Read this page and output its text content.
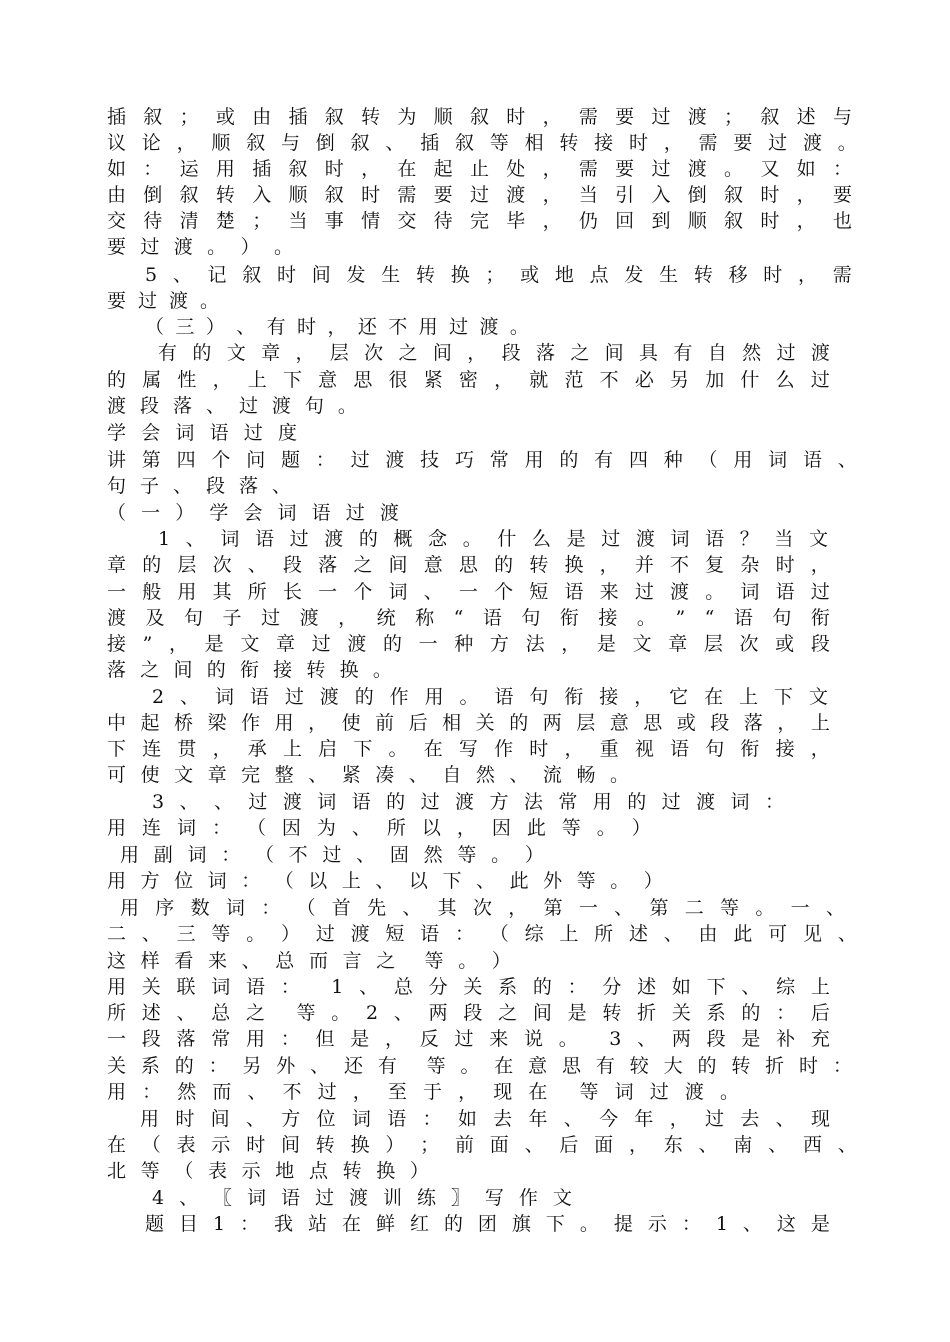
插 叙 ； 或 由 插 叙 转 为 顺 叙 时 ， 需 要 过 渡 ； 叙 述 与
议 论 ， 顺 叙 与 倒 叙 、 插 叙 等 相 转 接 时 ， 需 要 过 渡 。
如 ： 运 用 插 叙 时 ， 在 起 止 处 ， 需 要 过 渡 。 又 如 ：
由 倒 叙 转 入 顺 叙 时 需 要 过 渡 ， 当 引 入 倒 叙 时 ， 要
交 待 清 楚 ； 当 事 情 交 待 完 毕 ， 仍 回 到 顺 叙 时 ， 也
要 过 渡 。 ） 。
5 、 记 叙 时 间 发 生 转 换 ； 或 地 点 发 生 转 移 时 ， 需
要 过 渡 。
（ 三 ） 、 有 时 ， 还 不 用 过 渡 。
有 的 文 章 ， 层 次 之 间 ， 段 落 之 间 具 有 自 然 过 渡
的 属 性 ， 上 下 意 思 很 紧 密 ， 就 范 不 必 另 加 什 么 过
渡 段 落 、 过 渡 句 。
学 会 词 语 过 度
讲 第 四 个 问 题 ： 过 渡 技 巧 常 用 的 有 四 种 （ 用 词 语 、
句 子 、 段 落 、
（ 一 ） 学 会 词 语 过 渡
1 、 词 语 过 渡 的 概 念 。 什 么 是 过 渡 词 语 ？ 当 文
章 的 层 次 、 段 落 之 间 意 思 的 转 换 ， 并 不 复 杂 时 ，
一 般 用 其 所 长 一 个 词 、 一 个 短 语 来 过 渡 。 词 语 过
渡 及 句 子 过 渡 ， 统 称 “ 语 句 衔 接 。 ” “ 语 句 衔
接 ” ， 是 文 章 过 渡 的 一 种 方 法 ， 是 文 章 层 次 或 段
落 之 间 的 衔 接 转 换 。
2 、 词 语 过 渡 的 作 用 。 语 句 衔 接 ， 它 在 上 下 文
中 起 桥 梁 作 用 ， 使 前 后 相 关 的 两 层 意 思 或 段 落 ， 上
下 连 贯 ， 承 上 启 下 。 在 写 作 时 ， 重 视 语 句 衔 接 ，
可 使 文 章 完 整 、 紧 凑 、 自 然 、 流 畅 。
3 、 、 过 渡 词 语 的 过 渡 方 法 常 用 的 过 渡 词 ：
用 连 词 ： （ 因 为 、 所 以 ， 因 此 等 。 ）
用 副 词 ： （ 不 过 、 固 然 等 。 ）
用 方 位 词 ： （ 以 上 、 以 下 、 此 外 等 。 ）
用 序 数 词 ： （ 首 先 、 其 次 ， 第 一 、 第 二 等 。 一 、
二 、 三 等 。 ） 过 渡 短 语 ： （ 综 上 所 述 、 由 此 可 见 、
这 样 看 来 、 总 而 言 之 等 。 ）
用 关 联 词 语 ： 1 、 总 分 关 系 的 ： 分 述 如 下 、 综 上
所 述 、 总 之 等 。 2 、 两 段 之 间 是 转 折 关 系 的 ： 后
一 段 落 常 用 ： 但 是 ， 反 过 来 说 。 3 、 两 段 是 补 充
关 系 的 ： 另 外 、 还 有 等 。 在 意 思 有 较 大 的 转 折 时 ：
用 ： 然 而 、 不 过 ， 至 于 ， 现 在 等 词 过 渡 。
用 时 间 、 方 位 词 语 ： 如 去 年 、 今 年 ， 过 去 、 现
在 （ 表 示 时 间 转 换 ） ； 前 面 、 后 面 ， 东 、 南 、 西 、
北 等 （ 表 示 地 点 转 换 ）
4 、 〖 词 语 过 渡 训 练 〗 写 作 文
题 目 1 ： 我 站 在 鲜 红 的 团 旗 下 。 提 示 ： 1 、 这 是
